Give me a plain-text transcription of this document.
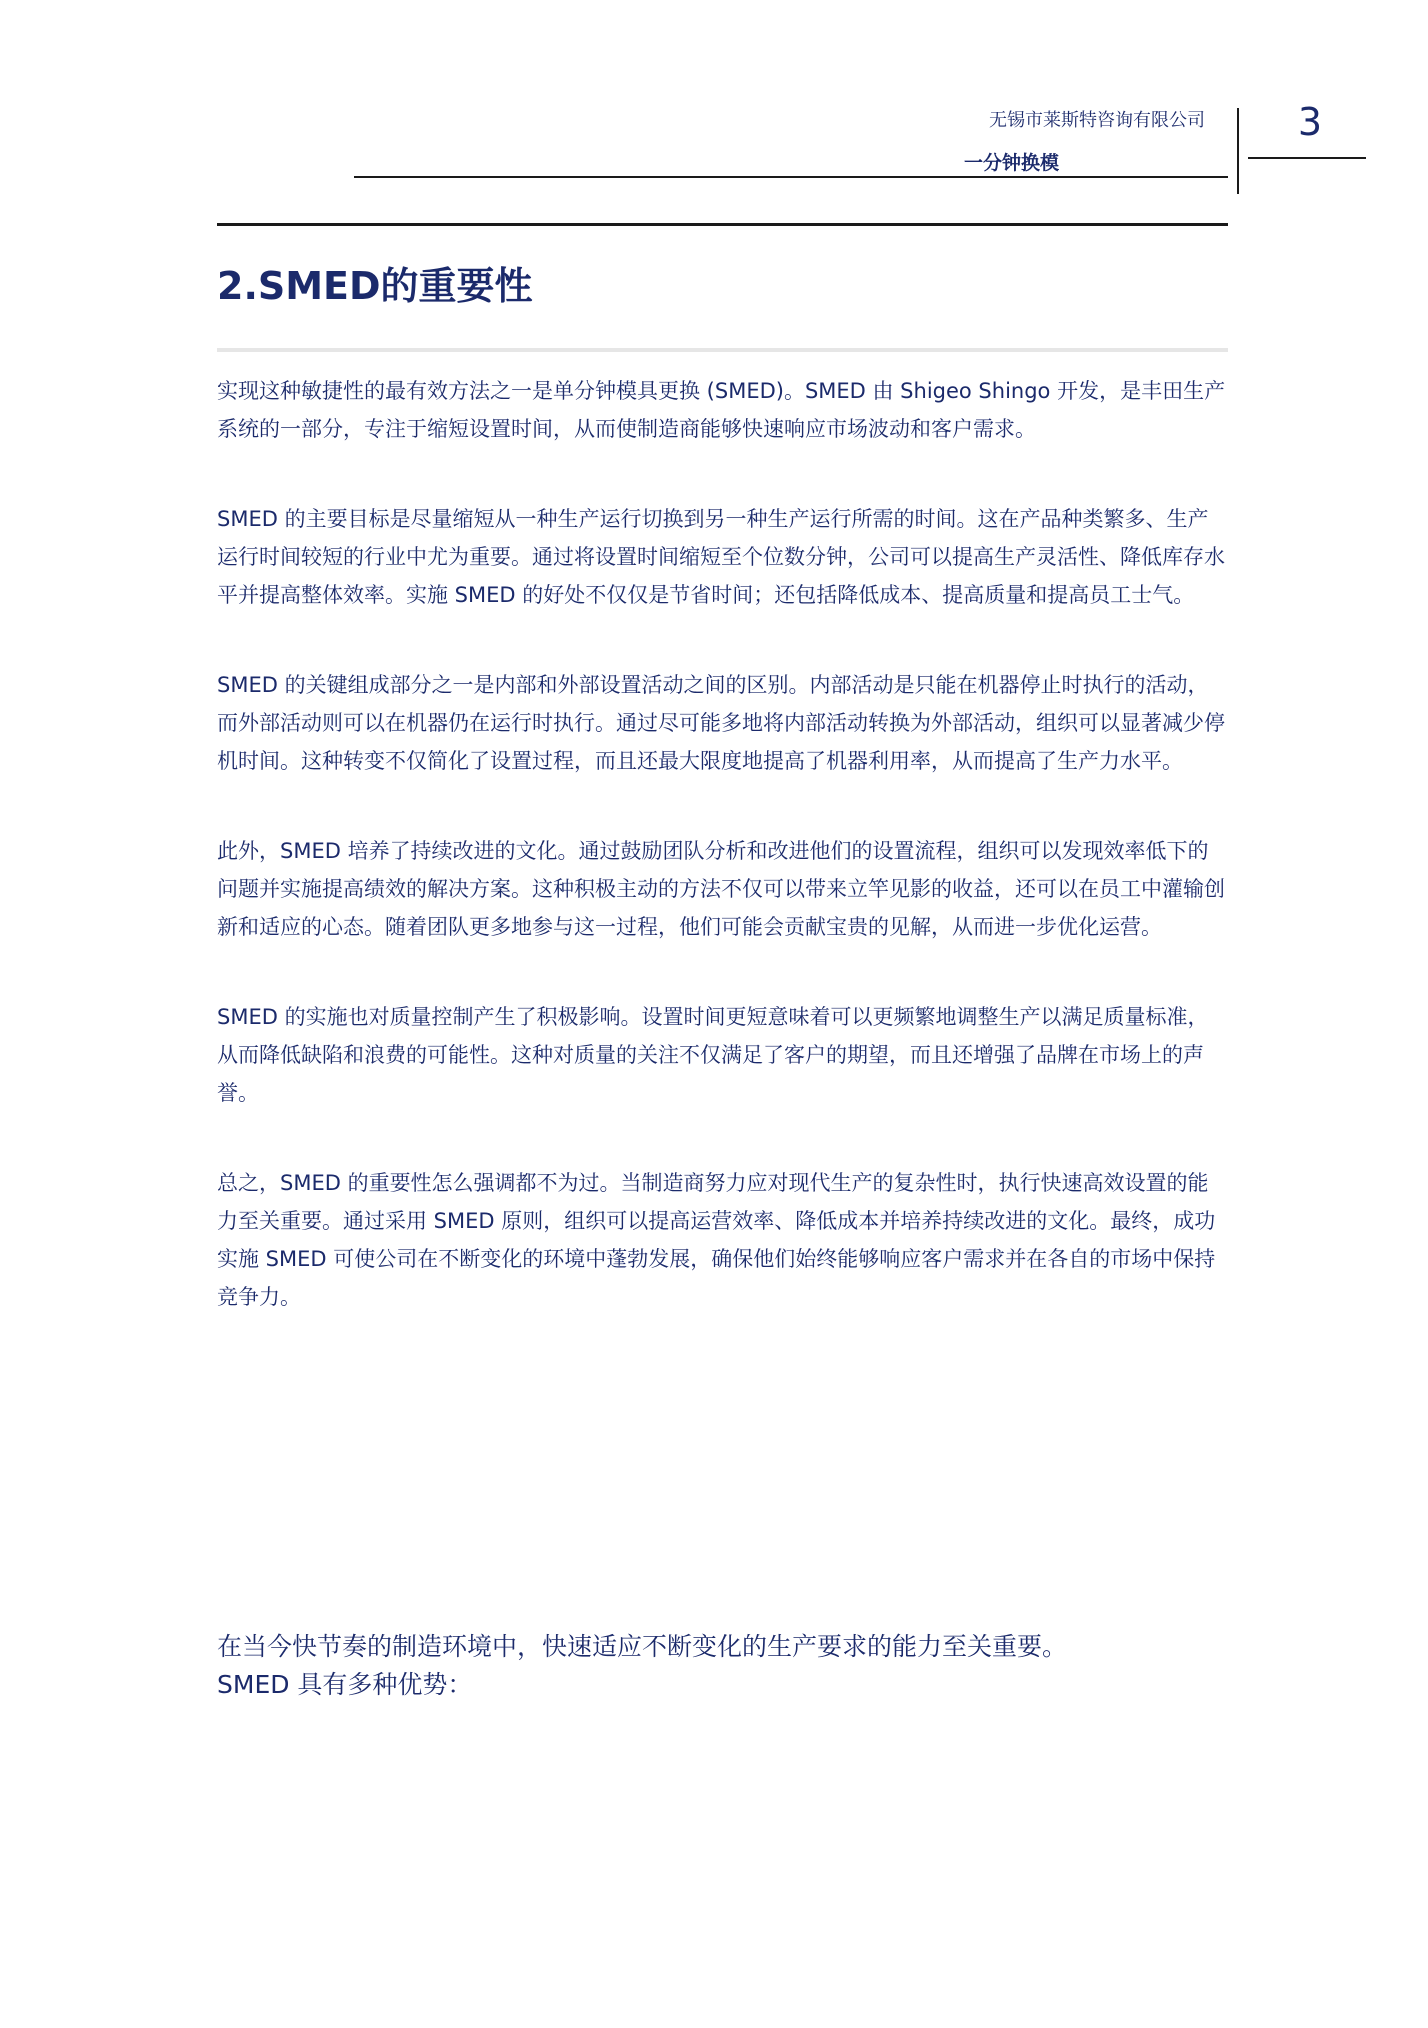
无锡市莱斯特咨询有限公司
一分钟换模
3
2.SMED的重要性

实现这种敏捷性的最有效方法之一是单分钟模具更换 (SMED)。SMED 由 Shigeo Shingo 开发，是丰田生产系统的一部分，专注于缩短设置时间，从而使制造商能够快速响应市场波动和客户需求。

SMED 的主要目标是尽量缩短从一种生产运行切换到另一种生产运行所需的时间。这在产品种类繁多、生产运行时间较短的行业中尤为重要。通过将设置时间缩短至个位数分钟，公司可以提高生产灵活性、降低库存水平并提高整体效率。实施 SMED 的好处不仅仅是节省时间；还包括降低成本、提高质量和提高员工士气。

SMED 的关键组成部分之一是内部和外部设置活动之间的区别。内部活动是只能在机器停止时执行的活动，而外部活动则可以在机器仍在运行时执行。通过尽可能多地将内部活动转换为外部活动，组织可以显著减少停机时间。这种转变不仅简化了设置过程，而且还最大限度地提高了机器利用率，从而提高了生产力水平。

此外，SMED 培养了持续改进的文化。通过鼓励团队分析和改进他们的设置流程，组织可以发现效率低下的问题并实施提高绩效的解决方案。这种积极主动的方法不仅可以带来立竿见影的收益，还可以在员工中灌输创新和适应的心态。随着团队更多地参与这一过程，他们可能会贡献宝贵的见解，从而进一步优化运营。

SMED 的实施也对质量控制产生了积极影响。设置时间更短意味着可以更频繁地调整生产以满足质量标准，从而降低缺陷和浪费的可能性。这种对质量的关注不仅满足了客户的期望，而且还增强了品牌在市场上的声誉。

总之，SMED 的重要性怎么强调都不为过。当制造商努力应对现代生产的复杂性时，执行快速高效设置的能力至关重要。通过采用 SMED 原则，组织可以提高运营效率、降低成本并培养持续改进的文化。最终，成功实施 SMED 可使公司在不断变化的环境中蓬勃发展，确保他们始终能够响应客户需求并在各自的市场中保持竞争力。

在当今快节奏的制造环境中，快速适应不断变化的生产要求的能力至关重要。
SMED 具有多种优势：
